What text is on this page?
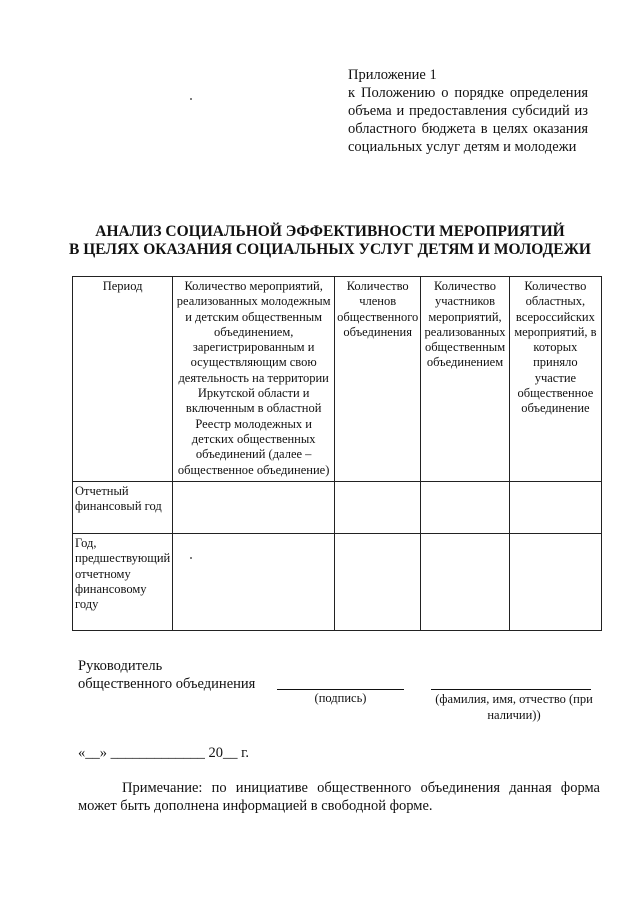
Приложение 1
к Положению о порядке определения объема и предоставления субсидий из областного бюджета в целях оказания социальных услуг детям и молодежи
АНАЛИЗ СОЦИАЛЬНОЙ ЭФФЕКТИВНОСТИ МЕРОПРИЯТИЙ
В ЦЕЛЯХ ОКАЗАНИЯ СОЦИАЛЬНЫХ УСЛУГ ДЕТЯМ И МОЛОДЕЖИ
Период	Количество мероприятий, реализованных молодежным и детским общественным объединением, зарегистрированным и осуществляющим свою деятельность на территории Иркутской области и включенным в областной Реестр молодежных и детских общественных объединений (далее – общественное объединение)	Количество членов общественного объединения	Количество участников мероприятий, реализованных общественным объединением	Количество областных, всероссийских мероприятий, в которых приняло участие общественное объединение
Отчетный финансовый год				
Год, предшествующий отчетному финансовому году				
Руководитель
общественного объединения
(подпись)	(фамилия, имя, отчество (при наличии))
«__» _____________ 20__ г.
Примечание: по инициативе общественного объединения данная форма может быть дополнена информацией в свободной форме.
